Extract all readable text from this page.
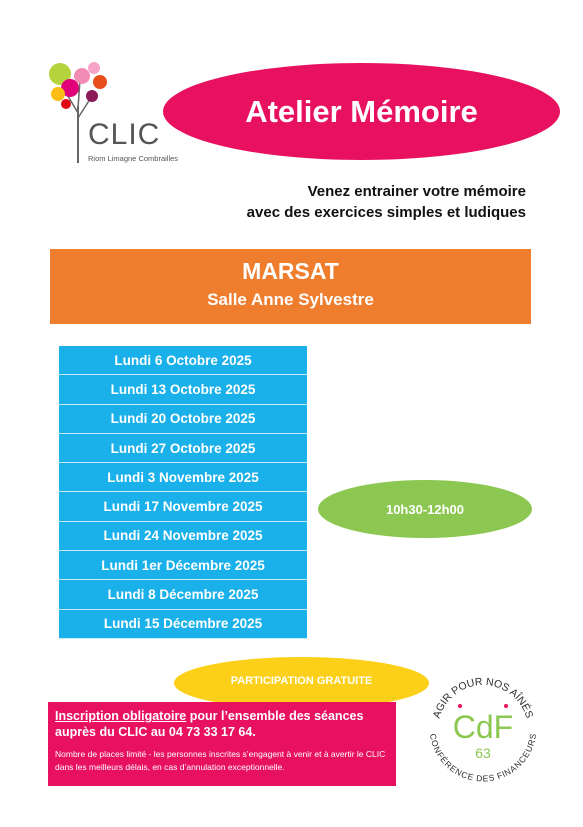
CLIC
Riom Limagne Combrailles
Atelier Mémoire
Venez entrainer votre mémoire
avec des exercices simples et ludiques
MARSAT
Salle Anne Sylvestre
Lundi 6 Octobre 2025
Lundi 13 Octobre 2025
Lundi 20 Octobre 2025
Lundi 27 Octobre 2025
Lundi 3 Novembre 2025
Lundi 17 Novembre 2025
Lundi 24 Novembre 2025
Lundi 1er Décembre 2025
Lundi 8 Décembre 2025
Lundi 15 Décembre 2025
10h30-12h00
PARTICIPATION GRATUITE
Inscription obligatoire pour l’ensemble des séances auprès du CLIC au 04 73 33 17 64.
Nombre de places limité - les personnes inscrites s’engagent à venir et à avertir le CLIC dans les meilleurs délais, en cas d’annulation exceptionnelle.
AGIR POUR NOS AÎNÉS
CONFÉRENCE DES FINANCEURS
CdF
63
